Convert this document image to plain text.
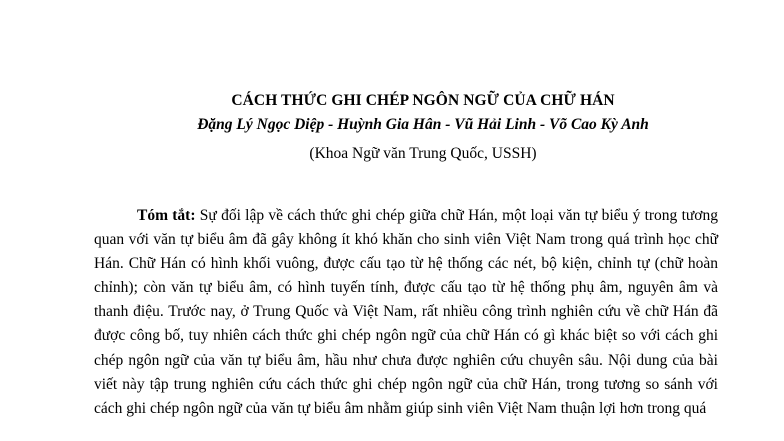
CÁCH THỨC GHI CHÉP NGÔN NGỮ CỦA CHỮ HÁN
Đặng Lý Ngọc Diệp - Huỳnh Gia Hân - Vũ Hải Linh - Võ Cao Kỳ Anh
(Khoa Ngữ văn Trung Quốc, USSH)

Tóm tắt: Sự đối lập về cách thức ghi chép giữa chữ Hán, một loại văn tự biểu ý trong tương quan với văn tự biểu âm đã gây không ít khó khăn cho sinh viên Việt Nam trong quá trình học chữ Hán. Chữ Hán có hình khối vuông, được cấu tạo từ hệ thống các nét, bộ kiện, chỉnh tự (chữ hoàn chỉnh); còn văn tự biểu âm, có hình tuyến tính, được cấu tạo từ hệ thống phụ âm, nguyên âm và thanh điệu. Trước nay, ở Trung Quốc và Việt Nam, rất nhiều công trình nghiên cứu về chữ Hán đã được công bố, tuy nhiên cách thức ghi chép ngôn ngữ của chữ Hán có gì khác biệt so với cách ghi chép ngôn ngữ của văn tự biểu âm, hầu như chưa được nghiên cứu chuyên sâu. Nội dung của bài viết này tập trung nghiên cứu cách thức ghi chép ngôn ngữ của chữ Hán, trong tương so sánh với cách ghi chép ngôn ngữ của văn tự biểu âm nhằm giúp sinh viên Việt Nam thuận lợi hơn trong quá
